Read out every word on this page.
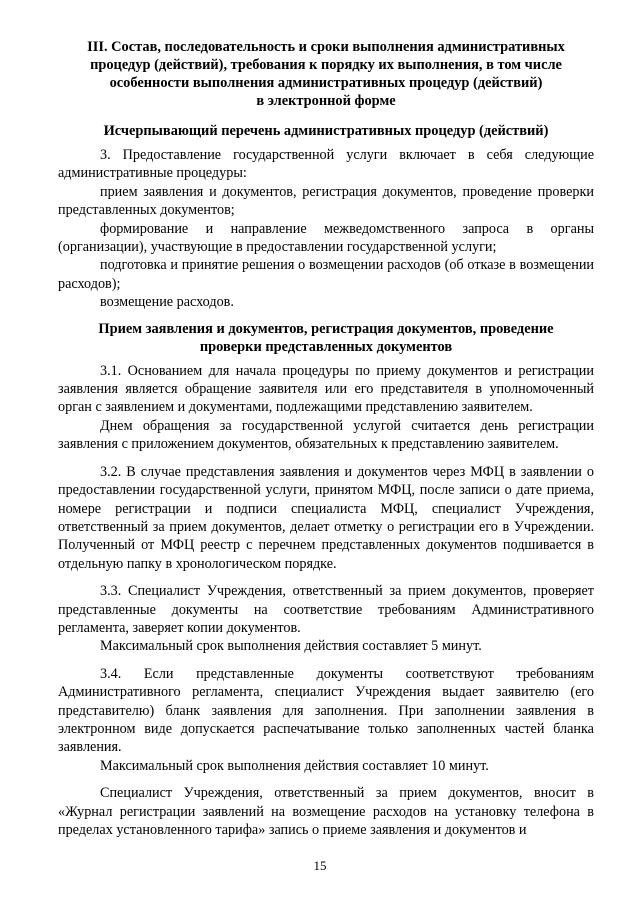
III. Состав, последовательность и сроки выполнения административных
процедур (действий), требования к порядку их выполнения, в том числе
особенности выполнения административных процедур (действий)
в электронной форме
Исчерпывающий перечень административных процедур (действий)

3. Предоставление государственной услуги включает в себя следующие административные процедуры:

прием заявления и документов, регистрация документов, проведение проверки представленных документов;

формирование и направление межведомственного запроса в органы (организации), участвующие в предоставлении государственной услуги;

подготовка и принятие решения о возмещении расходов (об отказе в возмещении расходов);

возмещение расходов.

Прием заявления и документов, регистрация документов, проведение
проверки представленных документов

3.1. Основанием для начала процедуры по приему документов и регистрации заявления является обращение заявителя или его представителя в уполномоченный орган с заявлением и документами, подлежащими представлению заявителем.

Днем обращения за государственной услугой считается день регистрации заявления с приложением документов, обязательных к представлению заявителем.

3.2. В случае представления заявления и документов через МФЦ в заявлении о предоставлении государственной услуги, принятом МФЦ, после записи о дате приема, номере регистрации и подписи специалиста МФЦ, специалист Учреждения, ответственный за прием документов, делает отметку о регистрации его в Учреждении. Полученный от МФЦ реестр с перечнем представленных документов подшивается в отдельную папку в хронологическом порядке.

3.3. Специалист Учреждения, ответственный за прием документов, проверяет представленные документы на соответствие требованиям Административного регламента, заверяет копии документов.

Максимальный срок выполнения действия составляет 5 минут.

3.4. Если представленные документы соответствуют требованиям Административного регламента, специалист Учреждения выдает заявителю (его представителю) бланк заявления для заполнения. При заполнении заявления в электронном виде допускается распечатывание только заполненных частей бланка заявления.

Максимальный срок выполнения действия составляет 10 минут.

Специалист Учреждения, ответственный за прием документов, вносит в «Журнал регистрации заявлений на возмещение расходов на установку телефона в пределах установленного тарифа» запись о приеме заявления и документов и

15
